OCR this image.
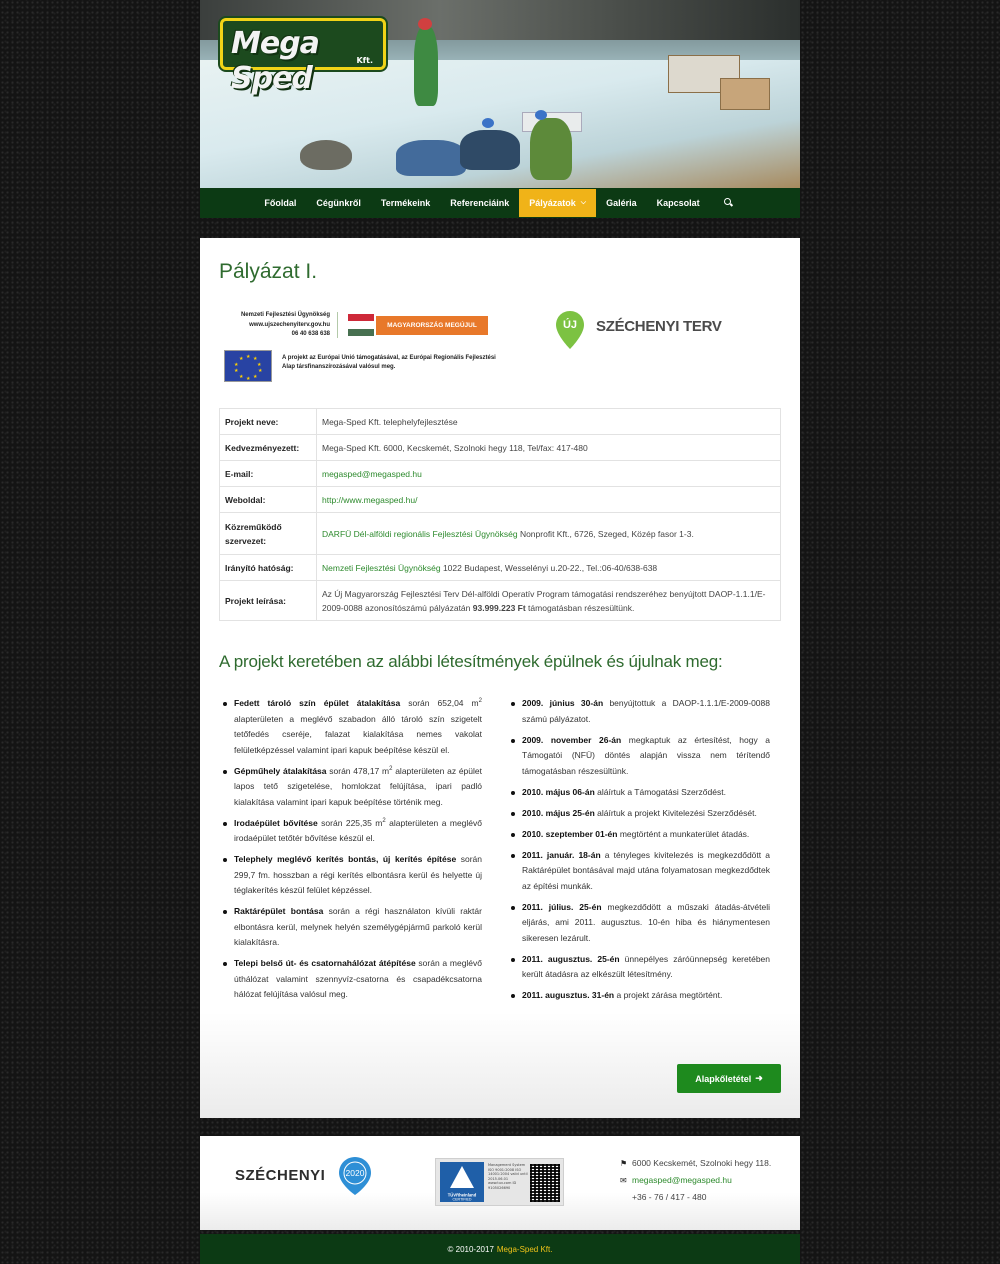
Mega Sped
Kft.
Főoldal	Cégünkről	Termékeink	Referenciáink	Pályázatok ⌵	Galéria	Kapcsolat
Pályázat I.
Nemzeti Fejlesztési Ügynökség
www.ujszechenyiterv.gov.hu
06 40 638 638
MAGYARORSZÁG MEGÚJUL
★ ★
★
★
★
★
★
★
★
★	A projekt az Európai Unió támogatásával, az Európai Regionális Fejlesztési Alap társfinanszírozásával valósul meg.
ÚJ SZÉCHENYI TERV
Projekt neve:	Mega-Sped Kft. telephelyfejlesztése
Kedvezményezett:	Mega-Sped Kft. 6000, Kecskemét, Szolnoki hegy 118, Tel/fax: 417-480
E-mail:	megasped@megasped.hu
Weboldal:	http://www.megasped.hu/
Közreműködő szervezet:	DARFÜ Dél-alföldi regionális Fejlesztési Ügynökség Nonprofit Kft., 6726, Szeged, Közép fasor 1-3.
Irányító hatóság:	Nemzeti Fejlesztési Ügynökség 1022 Budapest, Wesselényi u.20-22., Tel.:06-40/638-638
Projekt leírása:	Az Új Magyarország Fejlesztési Terv Dél-alföldi Operatív Program támogatási rendszeréhez benyújtott DAOP-1.1.1/E-2009-0088 azonosítószámú pályázatán 93.999.223 Ft támogatásban részesültünk.
A projekt keretében az alábbi létesítmények épülnek és újulnak meg:
Fedett tároló szín épület átalakítása során 652,04 $m^2$ alapterületen a meglévő szabadon álló tároló szín szigetelt tetőfedés cseréje, falazat kialakítása nemes vakolat felületképzéssel valamint ipari kapuk beépítése készül el.
Gépműhely átalakítása során 478,17 $m^2$ alapterületen az épület lapos tető szigetelése, homlokzat felújítása, ipari padló kialakítása valamint ipari kapuk beépítése történik meg.
Irodaépület bővítése során 225,35 $m^2$ alapterületen a meglévő irodaépület tetőtér bővítése készül el.
Telephely meglévő kerítés bontás, új kerítés építése során 299,7 fm. hosszban a régi kerítés elbontásra kerül és helyette új téglakerítés készül felület képzéssel.
Raktárépület bontása során a régi használaton kívüli raktár elbontásra kerül, melynek helyén személygépjármű parkoló kerül kialakításra.
Telepi belső út- és csatornahálózat átépítése során a meglévő úthálózat valamint szennyvíz-csatorna és csapadékcsatorna hálózat felújítása valósul meg.
2009. június 30-án benyújtottuk a DAOP-1.1.1/E-2009-0088 számú pályázatot.
2009. november 26-án megkaptuk az értesítést, hogy a Támogatói (NFÜ) döntés alapján vissza nem térítendő támogatásban részesültünk.
2010. május 06-án aláírtuk a Támogatási Szerződést.
2010. május 25-én aláírtuk a projekt Kivitelezési Szerződését.
2010. szeptember 01-én megtörtént a munkaterület átadás.
2011. január. 18-án a tényleges kivitelezés is megkezdődött a Raktárépület bontásával majd utána folyamatosan megkezdődtek az építési munkák.
2011. július. 25-én megkezdődött a műszaki átadás-átvételi eljárás, ami 2011. augusztus. 10-én hiba és hiánymentesen sikeresen lezárult.
2011. augusztus. 25-én ünnepélyes záróünnepség keretében került átadásra az elkészült létesítmény.
2011. augusztus. 31-én a projekt zárása megtörtént.
Alapkőletétel ➜
SZÉCHENYI 2020
TÜVRheinland
CERTIFIED
Management System ISO 9001:2008 ISO 14001:2004 valid until 2015.06.01 www.tuv.com ID 9105026690
⚑ 6000 Kecskemét, Szolnoki hegy 118.
✉ megasped@megasped.hu
+36 - 76 / 417 - 480
© 2010-2017 Mega-Sped Kft.
